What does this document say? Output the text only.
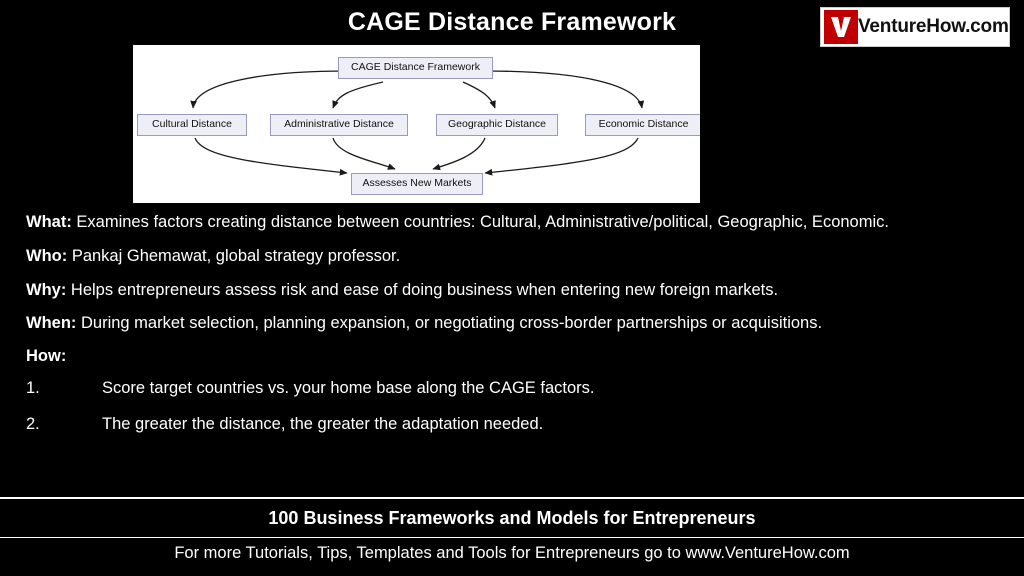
CAGE Distance Framework	VentureHow.com
CAGE Distance Framework
Cultural Distance	Administrative Distance	Geographic Distance	Economic Distance
Assesses New Markets
What: Examines factors creating distance between countries: Cultural, Administrative/political, Geographic, Economic.
Who: Pankaj Ghemawat, global strategy professor.
Why: Helps entrepreneurs assess risk and ease of doing business when entering new foreign markets.
When: During market selection, planning expansion, or negotiating cross-border partnerships or acquisitions.
How:
1.	Score target countries vs. your home base along the CAGE factors.
2.	The greater the distance, the greater the adaptation needed.
100 Business Frameworks and Models for Entrepreneurs
For more Tutorials, Tips, Templates and Tools for Entrepreneurs go to www.VentureHow.com
